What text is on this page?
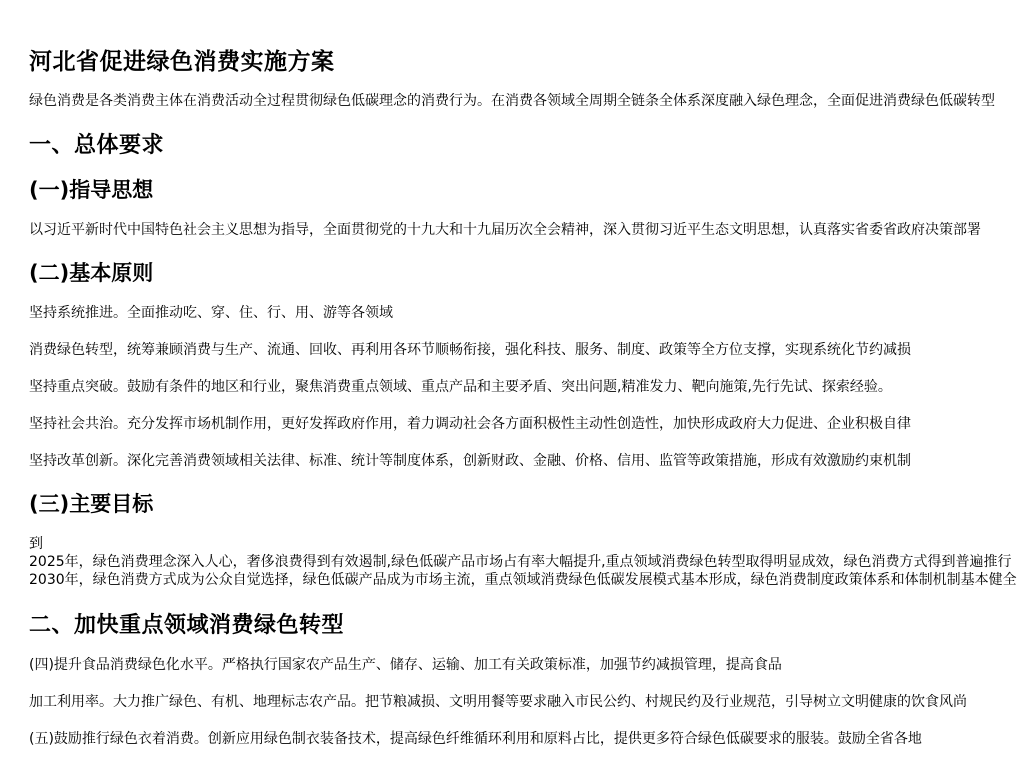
河北省促进绿色消费实施方案

绿色消费是各类消费主体在消费活动全过程贯彻绿色低碳理念的消费行为。在消费各领域全周期全链条全体系深度融入绿色理念，全面促进消费绿色低碳转型

一、总体要求
(一)指导思想

以习近平新时代中国特色社会主义思想为指导，全面贯彻党的十九大和十九届历次全会精神，深入贯彻习近平生态文明思想，认真落实省委省政府决策部署

(二)基本原则

坚持系统推进。全面推动吃、穿、住、行、用、游等各领域

消费绿色转型，统筹兼顾消费与生产、流通、回收、再利用各环节顺畅衔接，强化科技、服务、制度、政策等全方位支撑，实现系统化节约减损

坚持重点突破。鼓励有条件的地区和行业，聚焦消费重点领域、重点产品和主要矛盾、突出问题,精准发力、靶向施策,先行先试、探索经验。

坚持社会共治。充分发挥市场机制作用，更好发挥政府作用，着力调动社会各方面积极性主动性创造性，加快形成政府大力促进、企业积极自律

坚持改革创新。深化完善消费领域相关法律、标准、统计等制度体系，创新财政、金融、价格、信用、监管等政策措施，形成有效激励约束机制

(三)主要目标

到

2025年，绿色消费理念深入人心，奢侈浪费得到有效遏制,绿色低碳产品市场占有率大幅提升,重点领域消费绿色转型取得明显成效，绿色消费方式得到普遍推行

2030年，绿色消费方式成为公众自觉选择，绿色低碳产品成为市场主流，重点领域消费绿色低碳发展模式基本形成，绿色消费制度政策体系和体制机制基本健全

二、加快重点领域消费绿色转型

(四)提升食品消费绿色化水平。严格执行国家农产品生产、储存、运输、加工有关政策标准，加强节约减损管理，提高食品

加工利用率。大力推广绿色、有机、地理标志农产品。把节粮减损、文明用餐等要求融入市民公约、村规民约及行业规范，引导树立文明健康的饮食风尚

(五)鼓励推行绿色衣着消费。创新应用绿色制衣装备技术，提高绿色纤维循环利用和原料占比，提供更多符合绿色低碳要求的服装。鼓励全省各地
